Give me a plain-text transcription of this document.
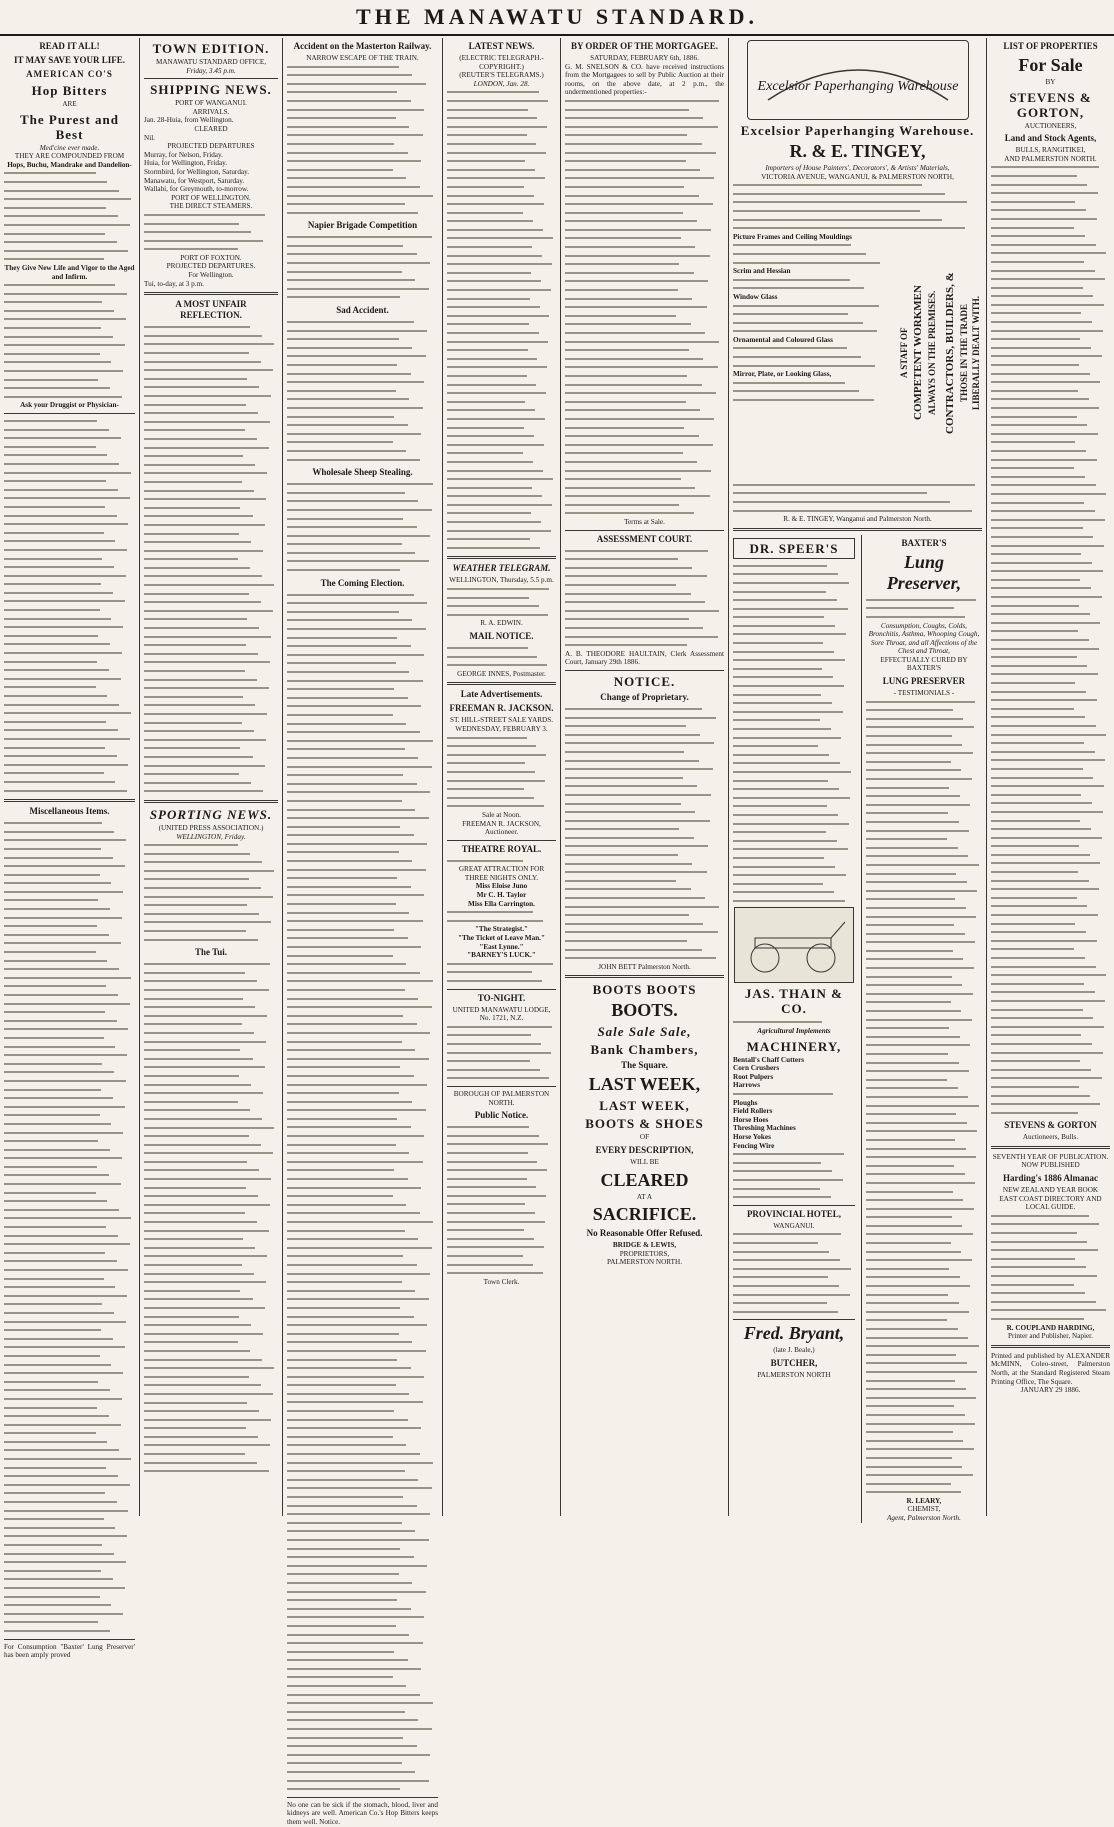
THE MANAWATU STANDARD.
READ IT ALL!
IT MAY SAVE YOUR LIFE.
AMERICAN CO'S
Hop Bitters
ARE
The Purest and Best
Med'cine ever made.
THEY ARE COMPOUNDED FROM
Hops, Buchu, Mandrake and Dandelion-
They Give New Life and Vigor to the Aged and Infirm.
Ask your Druggist or Physician-
Miscellaneous Items.
For Consumption "Baxter' Lung Preserver' has been amply proved
TOWN EDITION.
MANAWATU STANDARD OFFICE,
Friday, 3.45 p.m.
SHIPPING NEWS.
PORT OF WANGANUI.
ARRIVALS.
Jan. 28-Huia, from Wellington.
CLEARED
Nil.
PROJECTED DEPARTURES
Murray, for Nelson, Friday.
Huia, for Wellington, Friday.
Stormbird, for Wellington, Saturday.
Manawatu, for Westport, Saturday.
Wallabi, for Greymouth, to-morrow.
PORT OF WELLINGTON.
THE DIRECT STEAMERS.
PORT OF FOXTON.
PROJECTED DEPARTURES.
For Wellington.
Tui, to-day, at 3 p.m.
A MOST UNFAIR REFLECTION.
SPORTING NEWS.
(UNITED PRESS ASSOCIATION.)
WELLINGTON, Friday.
The Tui.
Accident on the Masterton Railway.
NARROW ESCAPE OF THE TRAIN.
Napier Brigade Competition
Sad Accident.
Wholesale Sheep Stealing.
The Coming Election.
No one can be sick if the stomach, blood, liver and kidneys are well. American Co.'s Hop Bitters keeps them well. Notice.
LATEST NEWS.
(ELECTRIC TELEGRAPH.-COPYRIGHT.)
(REUTER'S TELEGRAMS.)
LONDON, Jan. 28.
WEATHER TELEGRAM.
WELLINGTON, Thursday, 5.5 p.m.
R. A. EDWIN.
MAIL NOTICE.
GEORGE INNES, Postmaster.
Late Advertisements.
FREEMAN R. JACKSON.
ST. HILL-STREET SALE YARDS.
WEDNESDAY, FEBRUARY 3.
Sale at Noon.
FREEMAN R. JACKSON, Auctioneer.
THEATRE ROYAL.
GREAT ATTRACTION FOR THREE NIGHTS ONLY.
Miss Eloise Juno
Mr C. H. Taylor
Miss Ella Carrington.
"The Strategist."
"The Ticket of Leave Man."
"East Lynne."
"BARNEY'S LUCK."
TO-NIGHT.
UNITED MANAWATU LODGE, No. 1721, N.Z.
BOROUGH OF PALMERSTON NORTH.
Public Notice.
Town Clerk.
BY ORDER OF THE MORTGAGEE.
SATURDAY, FEBRUARY 6th, 1886.
G. M. SNELSON & CO. have received instructions from the Mortgagees to sell by Public Auction at their rooms, on the above date, at 2 p.m., the undermentioned properties:-
Terms at Sale.
ASSESSMENT COURT.
A. B. THEODORE HAULTAIN, Clerk Assessment Court, January 29th 1886.
NOTICE.
Change of Proprietary.
JOHN BETT Palmerston North.
BOOTS BOOTS
BOOTS.
Sale Sale Sale,
Bank Chambers,
The Square.
LAST WEEK,
LAST WEEK,
BOOTS & SHOES
OF
EVERY DESCRIPTION,
WILL BE
CLEARED
AT A
SACRIFICE.
No Reasonable Offer Refused.
BRIDGE & LEWIS,
PROPRIETORS,
PALMERSTON NORTH.
Excelsior Paperhanging Warehouse
Excelsior Paperhanging Warehouse.
R. & E. TINGEY,
Importers of House Painters', Decorators', & Artists' Materials,
VICTORIA AVENUE, WANGANUI, & PALMERSTON NORTH,
Picture Frames and Ceiling Mouldings
Scrim and Hessian
Window Glass
Ornamental and Coloured Glass
Mirror, Plate, or Looking Glass,	A STAFF OF COMPETENT WORKMEN ALWAYS ON THE PREMISES. CONTRACTORS, BUILDERS, & THOSE IN THE TRADE LIBERALLY DEALT WITH.
R. & E. TINGEY, Wanganui and Palmerston North.
DR. SPEER'S
JAS. THAIN & CO.
Agricultural Implements
MACHINERY,
Bentall's Chaff Cutters
Corn Crushers
Root Pulpers
Harrows
Ploughs
Field Rollers
Horse Hoes
Threshing Machines
Horse Yokes
Fencing Wire
PROVINCIAL HOTEL,
WANGANUI.
Fred. Bryant,
(late J. Beale,)
BUTCHER,
PALMERSTON NORTH
BAXTER'S
Lung Preserver,
Consumption, Coughs, Colds, Bronchitis, Asthma, Whooping Cough, Sore Throat, and all Affections of the Chest and Throat,
EFFECTUALLY CURED BY
BAXTER'S
LUNG PRESERVER
- TESTIMONIALS -
R. LEARY,
CHEMIST,
Agent, Palmerston North.
LIST OF PROPERTIES
For Sale
BY
STEVENS & GORTON,
AUCTIONEERS,
Land and Stock Agents,
BULLS, RANGITIKEI,
AND PALMERSTON NORTH.
STEVENS & GORTON
Auctioneers, Bulls.
SEVENTH YEAR OF PUBLICATION.
NOW PUBLISHED
Harding's 1886 Almanac
NEW ZEALAND YEAR BOOK
EAST COAST DIRECTORY AND LOCAL GUIDE.
R. COUPLAND HARDING,
Printer and Publisher, Napier.
Printed and published by ALEXANDER McMINN, Coleo-street, Palmerston North, at the Standard Registered Steam Printing Office, The Square.
JANUARY 29 1886.
